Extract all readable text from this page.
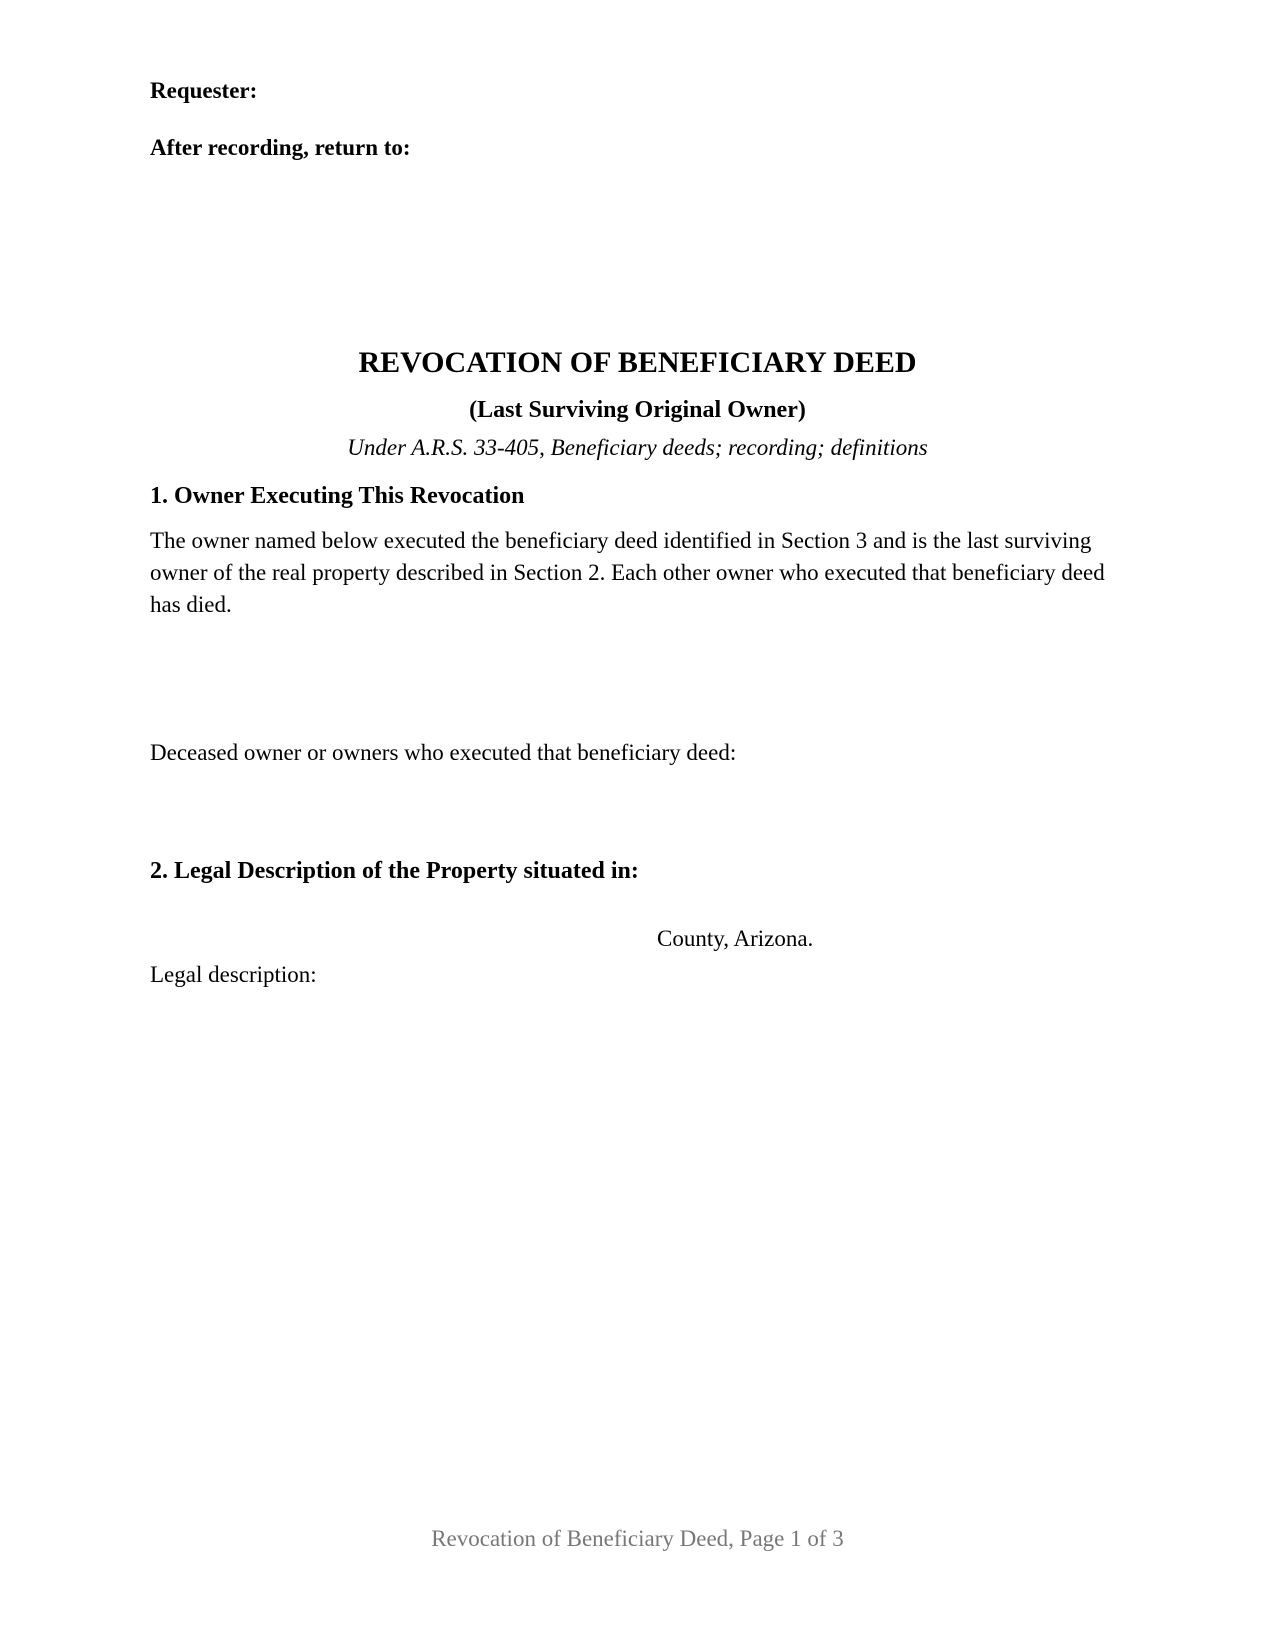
Requester:

After recording, return to:

REVOCATION OF BENEFICIARY DEED

(Last Surviving Original Owner)

Under A.R.S. 33-405, Beneficiary deeds; recording; definitions

1. Owner Executing This Revocation

The owner named below executed the beneficiary deed identified in Section 3 and is the last surviving owner of the real property described in Section 2. Each other owner who executed that beneficiary deed has died.

Deceased owner or owners who executed that beneficiary deed:

2. Legal Description of the Property situated in:

County, Arizona.

Legal description:

Revocation of Beneficiary Deed, Page 1 of 3
